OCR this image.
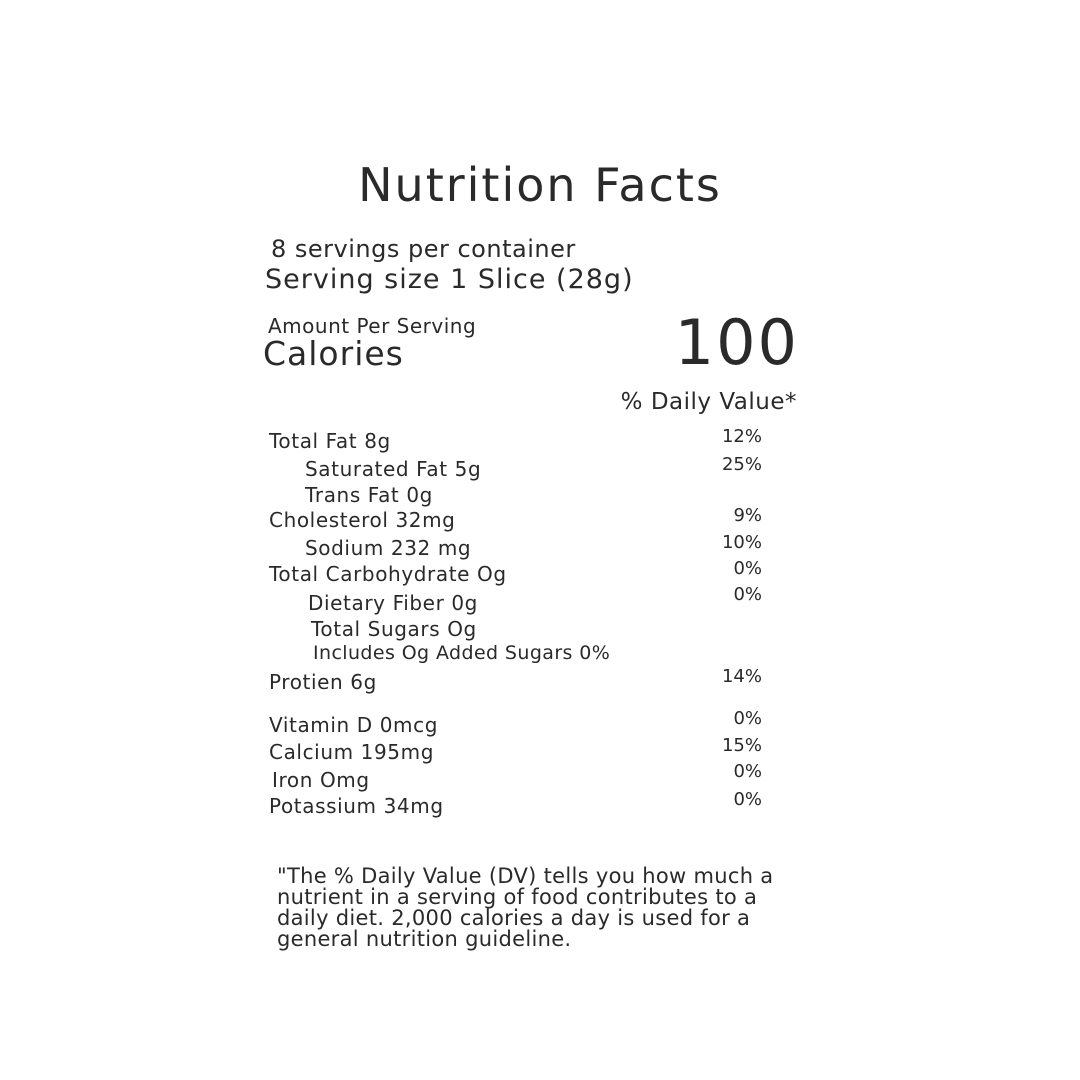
Nutrition Facts
8 servings per container
Serving size 1 Slice (28g)
Amount Per Serving
Calories	100
% Daily Value*
Total Fat 8g	12%
Saturated Fat 5g	25%
Trans Fat 0g
Cholesterol 32mg	9%
Sodium 232 mg	10%
Total Carbohydrate Og	0%
Dietary Fiber 0g	0%
Total Sugars Og
Includes Og Added Sugars 0%
Protien 6g	14%
Vitamin D 0mcg	0%
Calcium 195mg	15%
Iron Omg	0%
Potassium 34mg	0%
"The % Daily Value (DV) tells you how much a nutrient in a serving of food contributes to a daily diet. 2,000 calories a day is used for a general nutrition guideline.
